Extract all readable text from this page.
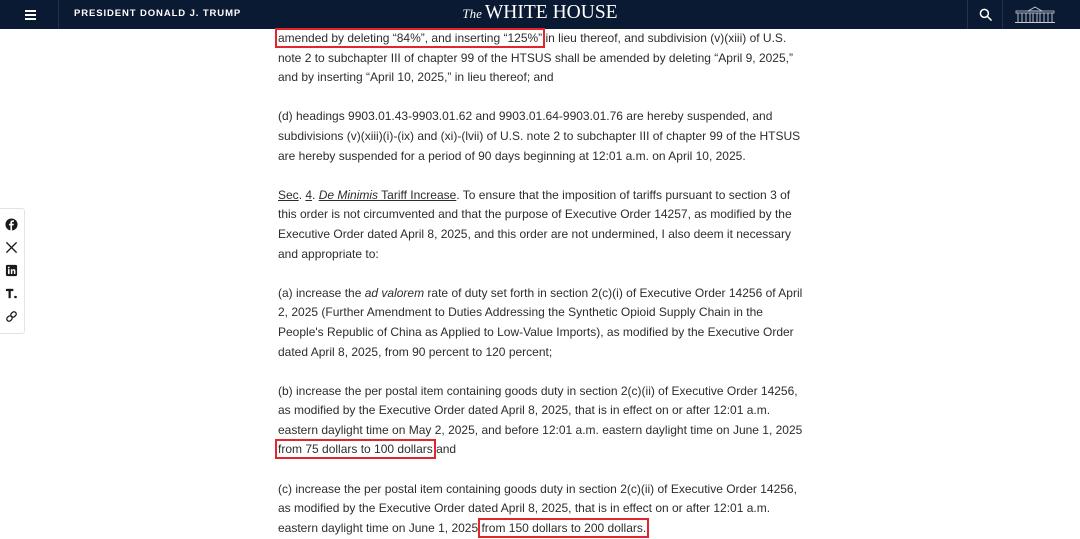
PRESIDENT DONALD J. TRUMP	The WHITE HOUSE

amended by deleting “84%”, and inserting “125%” in lieu thereof, and subdivision (v)(xiii) of U.S. note 2 to subchapter III of chapter 99 of the HTSUS shall be amended by deleting “April 9, 2025,” and by inserting “April 10, 2025,” in lieu thereof; and

(d) headings 9903.01.43-9903.01.62 and 9903.01.64-9903.01.76 are hereby suspended, and subdivisions (v)(xiii)(i)-(ix) and (xi)-(lvii) of U.S. note 2 to subchapter III of chapter 99 of the HTSUS are hereby suspended for a period of 90 days beginning at 12:01 a.m. on April 10, 2025.

Sec. 4. De Minimis Tariff Increase. To ensure that the imposition of tariffs pursuant to section 3 of this order is not circumvented and that the purpose of Executive Order 14257, as modified by the Executive Order dated April 8, 2025, and this order are not undermined, I also deem it necessary and appropriate to:

(a) increase the ad valorem rate of duty set forth in section 2(c)(i) of Executive Order 14256 of April 2, 2025 (Further Amendment to Duties Addressing the Synthetic Opioid Supply Chain in the People's Republic of China as Applied to Low-Value Imports), as modified by the Executive Order dated April 8, 2025, from 90 percent to 120 percent;

(b) increase the per postal item containing goods duty in section 2(c)(ii) of Executive Order 14256, as modified by the Executive Order dated April 8, 2025, that is in effect on or after 12:01 a.m. eastern daylight time on May 2, 2025, and before 12:01 a.m. eastern daylight time on June 1, 2025 from 75 dollars to 100 dollars and

(c) increase the per postal item containing goods duty in section 2(c)(ii) of Executive Order 14256, as modified by the Executive Order dated April 8, 2025, that is in effect on or after 12:01 a.m. eastern daylight time on June 1, 2025 from 150 dollars to 200 dollars.
